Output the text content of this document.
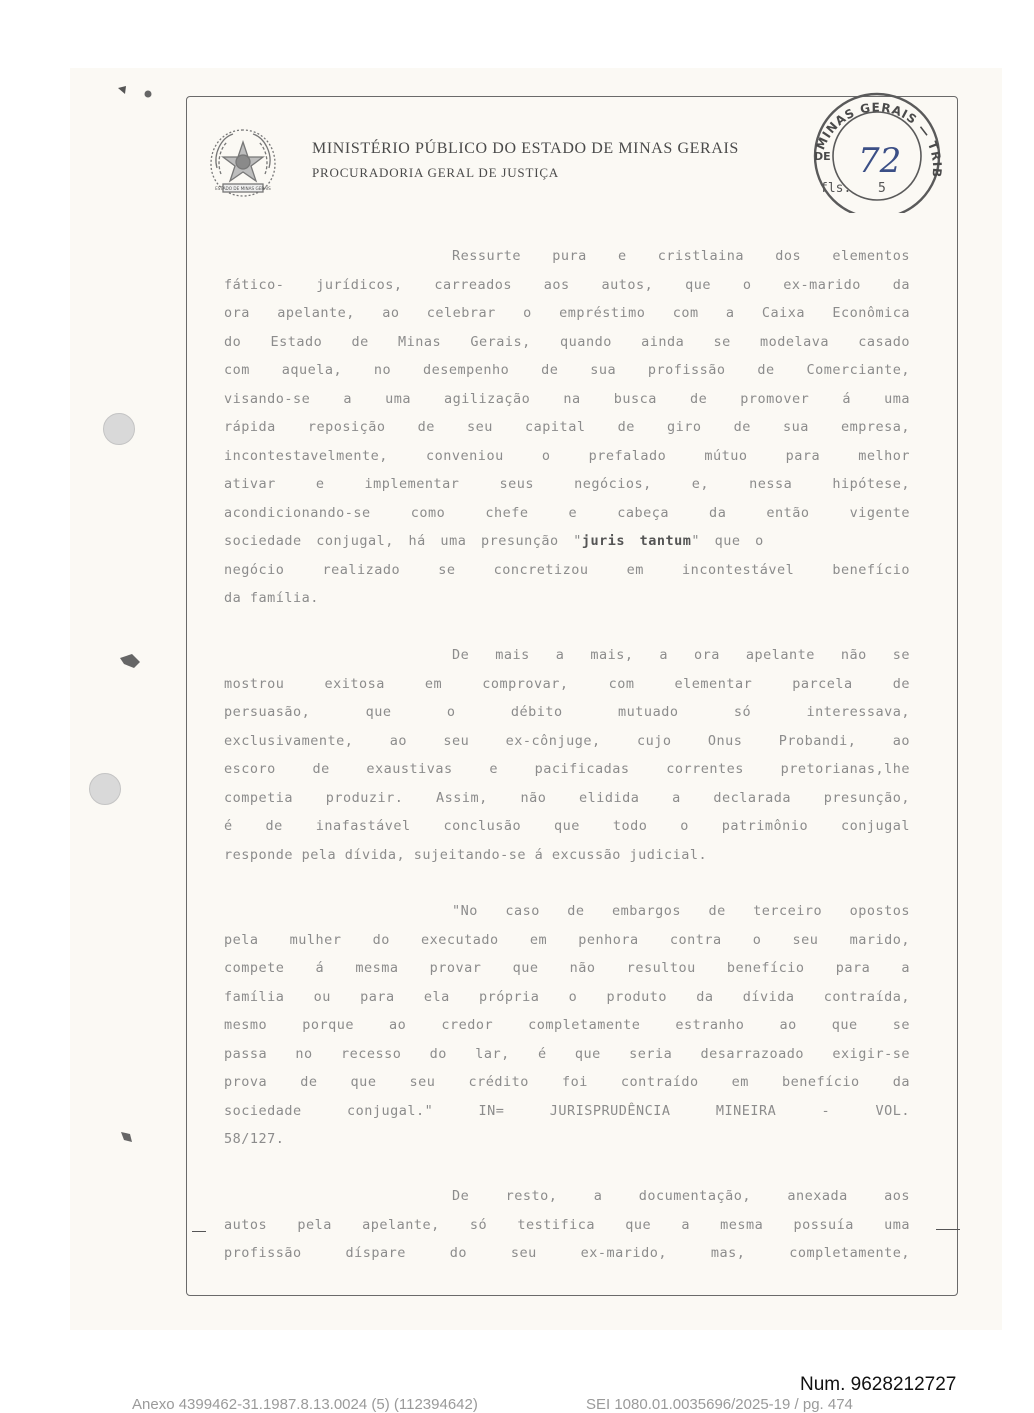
ESTADO DE MINAS GERAIS
MINISTÉRIO PÚBLICO DO ESTADO DE MINAS GERAIS
PROCURADORIA GERAL DE JUSTIÇA
MINAS GERAIS — TRIB
DE 72
fls. 5
Ressurte pura e cristlaina dos elementos
fático- jurídicos, carreados aos autos, que o ex-marido da
ora apelante, ao celebrar o empréstimo com a Caixa Econômica
do Estado de Minas Gerais, quando ainda se modelava casado
com aquela, no desempenho de sua profissão de Comerciante,
visando-se a uma agilização na busca de promover á uma
rápida reposição de seu capital de giro de sua empresa,
incontestavelmente, conveniou o prefalado mútuo para melhor
ativar e implementar seus negócios, e, nessa hipótese,
acondicionando-se como chefe e cabeça da então vigente
sociedade conjugal, há uma presunção "juris tantum" que o
negócio realizado se concretizou em incontestável benefício
da família.
De mais a mais, a ora apelante não se
mostrou exitosa em comprovar, com elementar parcela de
persuasão, que o débito mutuado só interessava,
exclusivamente, ao seu ex-cônjuge, cujo Onus Probandi, ao
escoro de exaustivas e pacificadas correntes pretorianas,lhe
competia produzir. Assim, não elidida a declarada presunção,
é de inafastável conclusão que todo o patrimônio conjugal
responde pela dívida, sujeitando-se á excussão judicial.
"No caso de embargos de terceiro opostos
pela mulher do executado em penhora contra o seu marido,
compete á mesma provar que não resultou benefício para a
família ou para ela própria o produto da dívida contraída,
mesmo porque ao credor completamente estranho ao que se
passa no recesso do lar, é que seria desarrazoado exigir-se
prova de que seu crédito foi contraído em benefício da
sociedade conjugal." IN= JURISPRUDÊNCIA MINEIRA - VOL.
58/127.
De resto, a documentação, anexada aos
autos pela apelante, só testifica que a mesma possuía uma
profissão díspare do seu ex-marido, mas, completamente,
Num. 9628212727
Anexo 4399462-31.1987.8.13.0024 (5) (112394642)	SEI 1080.01.0035696/2025-19 / pg. 474
